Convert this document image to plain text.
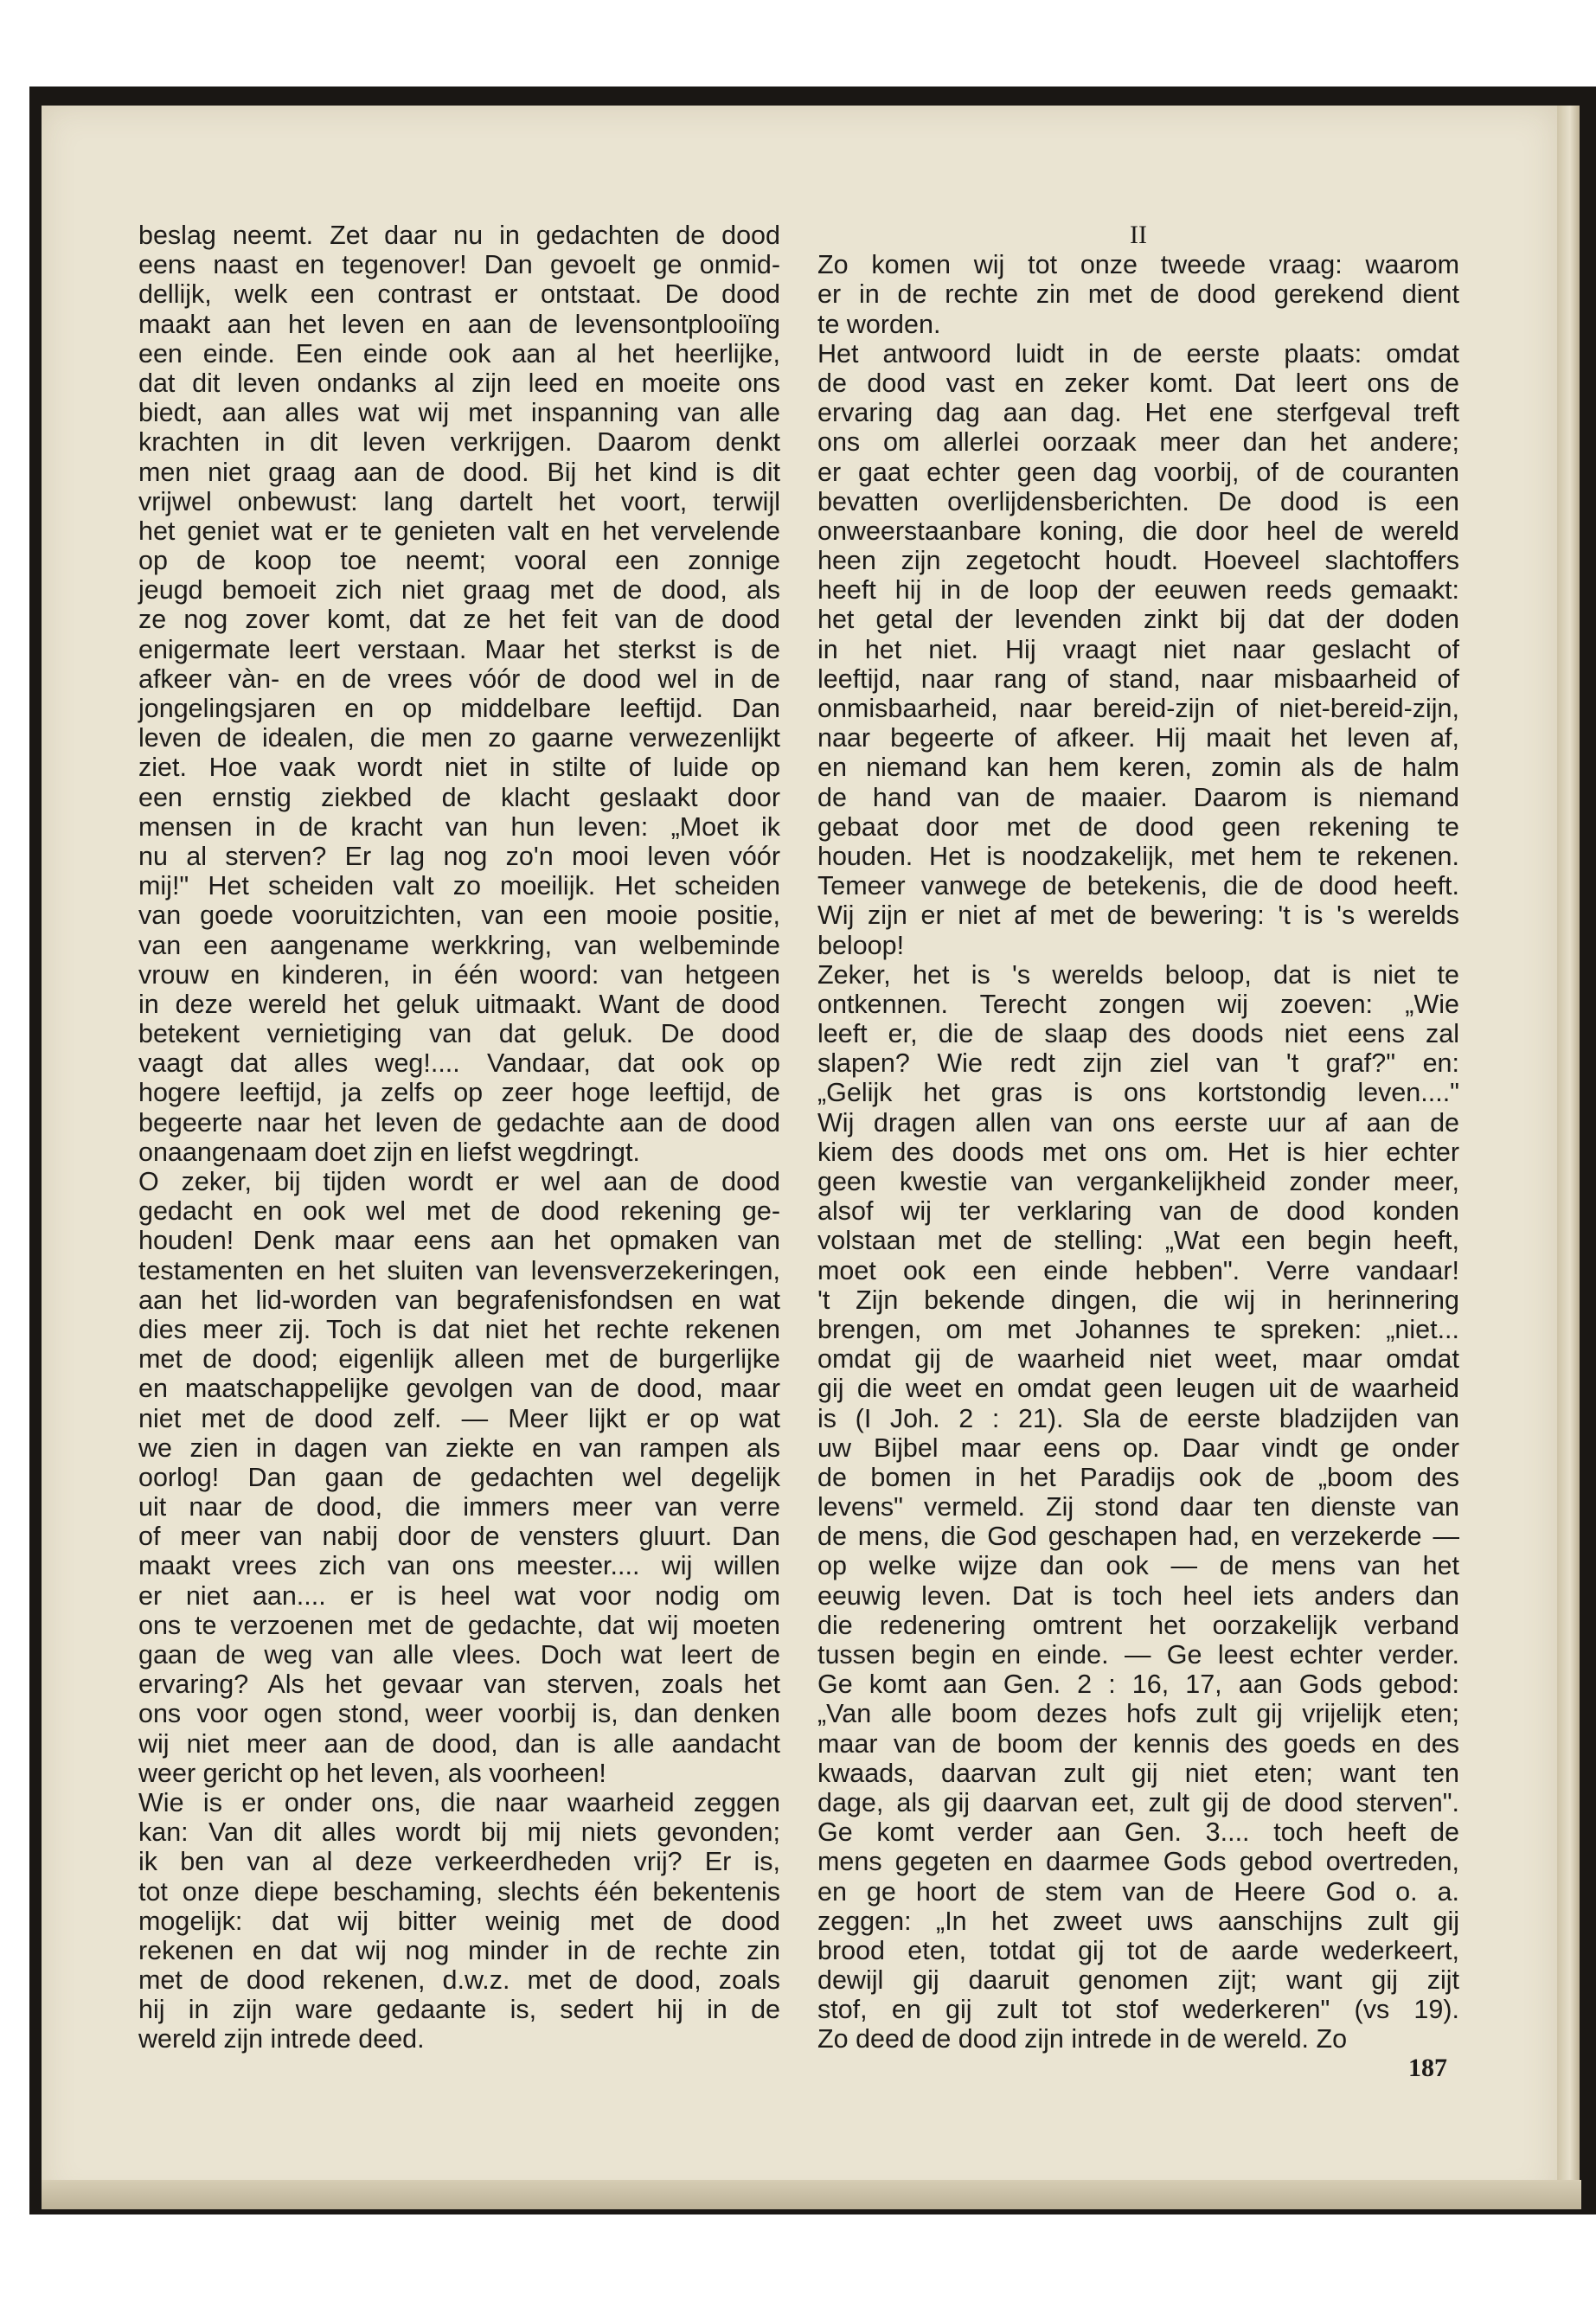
beslag neemt. Zet daar nu in gedachten de dood

eens naast en tegenover! Dan gevoelt ge onmid-

dellijk, welk een contrast er ontstaat. De dood

maakt aan het leven en aan de levensontplooiïng

een einde. Een einde ook aan al het heerlijke,

dat dit leven ondanks al zijn leed en moeite ons

biedt, aan alles wat wij met inspanning van alle

krachten in dit leven verkrijgen. Daarom denkt

men niet graag aan de dood. Bij het kind is dit

vrijwel onbewust: lang dartelt het voort, terwijl

het geniet wat er te genieten valt en het vervelende

op de koop toe neemt; vooral een zonnige

jeugd bemoeit zich niet graag met de dood, als

ze nog zover komt, dat ze het feit van de dood

enigermate leert verstaan. Maar het sterkst is de

afkeer vàn- en de vrees vóór de dood wel in de

jongelingsjaren en op middelbare leeftijd. Dan

leven de idealen, die men zo gaarne verwezenlijkt

ziet. Hoe vaak wordt niet in stilte of luide op

een ernstig ziekbed de klacht geslaakt door

mensen in de kracht van hun leven: „Moet ik

nu al sterven? Er lag nog zo'n mooi leven vóór

mij!" Het scheiden valt zo moeilijk. Het scheiden

van goede vooruitzichten, van een mooie positie,

van een aangename werkkring, van welbeminde

vrouw en kinderen, in één woord: van hetgeen

in deze wereld het geluk uitmaakt. Want de dood

betekent vernietiging van dat geluk. De dood

vaagt dat alles weg!.... Vandaar, dat ook op

hogere leeftijd, ja zelfs op zeer hoge leeftijd, de

begeerte naar het leven de gedachte aan de dood

onaangenaam doet zijn en liefst wegdringt.

O zeker, bij tijden wordt er wel aan de dood

gedacht en ook wel met de dood rekening ge-

houden! Denk maar eens aan het opmaken van

testamenten en het sluiten van levensverzekeringen,

aan het lid-worden van begrafenisfondsen en wat

dies meer zij. Toch is dat niet het rechte rekenen

met de dood; eigenlijk alleen met de burgerlijke

en maatschappelijke gevolgen van de dood, maar

niet met de dood zelf. — Meer lijkt er op wat

we zien in dagen van ziekte en van rampen als

oorlog! Dan gaan de gedachten wel degelijk

uit naar de dood, die immers meer van verre

of meer van nabij door de vensters gluurt. Dan

maakt vrees zich van ons meester.... wij willen

er niet aan.... er is heel wat voor nodig om

ons te verzoenen met de gedachte, dat wij moeten

gaan de weg van alle vlees. Doch wat leert de

ervaring? Als het gevaar van sterven, zoals het

ons voor ogen stond, weer voorbij is, dan denken

wij niet meer aan de dood, dan is alle aandacht

weer gericht op het leven, als voorheen!

Wie is er onder ons, die naar waarheid zeggen

kan: Van dit alles wordt bij mij niets gevonden;

ik ben van al deze verkeerdheden vrij? Er is,

tot onze diepe beschaming, slechts één bekentenis

mogelijk: dat wij bitter weinig met de dood

rekenen en dat wij nog minder in de rechte zin

met de dood rekenen, d.w.z. met de dood, zoals

hij in zijn ware gedaante is, sedert hij in de

wereld zijn intrede deed.

II

Zo komen wij tot onze tweede vraag: waarom

er in de rechte zin met de dood gerekend dient

te worden.

Het antwoord luidt in de eerste plaats: omdat

de dood vast en zeker komt. Dat leert ons de

ervaring dag aan dag. Het ene sterfgeval treft

ons om allerlei oorzaak meer dan het andere;

er gaat echter geen dag voorbij, of de couranten

bevatten overlijdensberichten. De dood is een

onweerstaanbare koning, die door heel de wereld

heen zijn zegetocht houdt. Hoeveel slachtoffers

heeft hij in de loop der eeuwen reeds gemaakt:

het getal der levenden zinkt bij dat der doden

in het niet. Hij vraagt niet naar geslacht of

leeftijd, naar rang of stand, naar misbaarheid of

onmisbaarheid, naar bereid-zijn of niet-bereid-zijn,

naar begeerte of afkeer. Hij maait het leven af,

en niemand kan hem keren, zomin als de halm

de hand van de maaier. Daarom is niemand

gebaat door met de dood geen rekening te

houden. Het is noodzakelijk, met hem te rekenen.

Temeer vanwege de betekenis, die de dood heeft.

Wij zijn er niet af met de bewering: 't is 's werelds

beloop!

Zeker, het is 's werelds beloop, dat is niet te

ontkennen. Terecht zongen wij zoeven: „Wie

leeft er, die de slaap des doods niet eens zal

slapen? Wie redt zijn ziel van 't graf?" en:

„Gelijk het gras is ons kortstondig leven...."

Wij dragen allen van ons eerste uur af aan de

kiem des doods met ons om. Het is hier echter

geen kwestie van vergankelijkheid zonder meer,

alsof wij ter verklaring van de dood konden

volstaan met de stelling: „Wat een begin heeft,

moet ook een einde hebben". Verre vandaar!

't Zijn bekende dingen, die wij in herinnering

brengen, om met Johannes te spreken: „niet...

omdat gij de waarheid niet weet, maar omdat

gij die weet en omdat geen leugen uit de waarheid

is (I Joh. 2 : 21). Sla de eerste bladzijden van

uw Bijbel maar eens op. Daar vindt ge onder

de bomen in het Paradijs ook de „boom des

levens" vermeld. Zij stond daar ten dienste van

de mens, die God geschapen had, en verzekerde —

op welke wijze dan ook — de mens van het

eeuwig leven. Dat is toch heel iets anders dan

die redenering omtrent het oorzakelijk verband

tussen begin en einde. — Ge leest echter verder.

Ge komt aan Gen. 2 : 16, 17, aan Gods gebod:

„Van alle boom dezes hofs zult gij vrijelijk eten;

maar van de boom der kennis des goeds en des

kwaads, daarvan zult gij niet eten; want ten

dage, als gij daarvan eet, zult gij de dood sterven".

Ge komt verder aan Gen. 3.... toch heeft de

mens gegeten en daarmee Gods gebod overtreden,

en ge hoort de stem van de Heere God o. a.

zeggen: „In het zweet uws aanschijns zult gij

brood eten, totdat gij tot de aarde wederkeert,

dewijl gij daaruit genomen zijt; want gij zijt

stof, en gij zult tot stof wederkeren" (vs 19).

Zo deed de dood zijn intrede in de wereld. Zo

187
